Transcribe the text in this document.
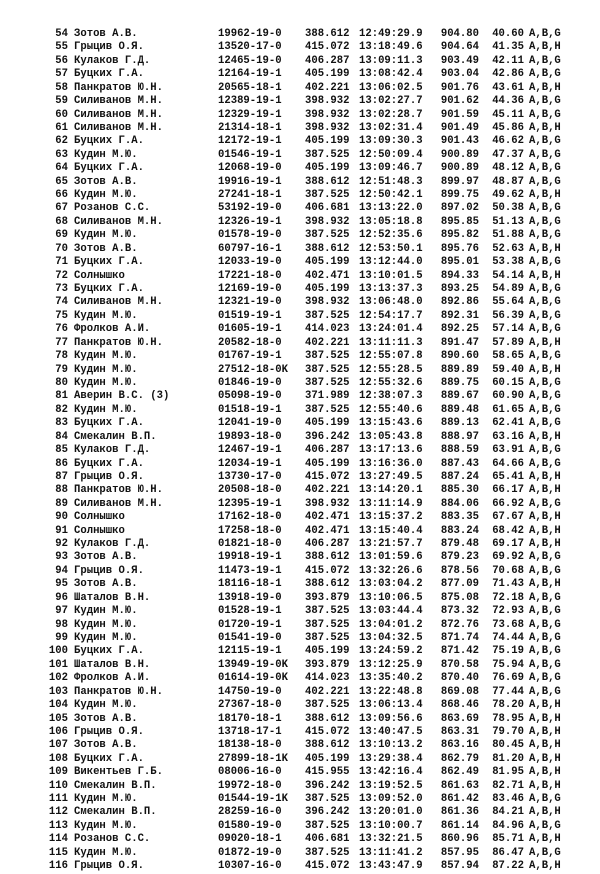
54 Зотов А.В.	19962-19-0 388.612 12:49:29.9	904.80	40.60 A,B,G
55 Грыцив О.Я.	13520-17-0 415.072 13:18:49.6	904.64	41.35 A,B,H
56 Кулаков Г.Д.	12465-19-0 406.287 13:09:11.3	903.49	42.11 A,B,G
57 Буцких Г.А.	12164-19-1 405.199 13:08:42.4	903.04	42.86 A,B,G
58 Панкратов Ю.Н.	20565-18-1 402.221 13:06:02.5	901.76	43.61 A,B,H
59 Силиванов М.Н.	12389-19-1 398.932 13:02:27.7	901.62	44.36 A,B,G
60 Силиванов М.Н.	12329-19-1 398.932 13:02:28.7	901.59	45.11 A,B,G
61 Силиванов М.Н.	21314-18-1 398.932 13:02:31.4	901.49	45.86 A,B,H
62 Буцких Г.А.	12172-19-1 405.199 13:09:30.3	901.43	46.62 A,B,G
63 Кудин М.Ю.	01546-19-1 387.525 12:50:09.4	900.89	47.37 A,B,G
64 Буцких Г.А.	12068-19-0 405.199 13:09:46.7	900.89	48.12 A,B,G
65 Зотов А.В.	19916-19-1 388.612 12:51:48.3	899.97	48.87 A,B,G
66 Кудин М.Ю.	27241-18-1 387.525 12:50:42.1	899.75	49.62 A,B,H
67 Розанов С.С.	53192-19-0 406.681 13:13:22.0	897.02	50.38 A,B,G
68 Силиванов М.Н.	12326-19-1 398.932 13:05:18.8	895.85	51.13 A,B,G
69 Кудин М.Ю.	01578-19-0 387.525 12:52:35.6	895.82	51.88 A,B,G
70 Зотов А.В.	60797-16-1 388.612 12:53:50.1	895.76	52.63 A,B,H
71 Буцких Г.А.	12033-19-0 405.199 13:12:44.0	895.01	53.38 A,B,G
72 Солнышко	17221-18-0 402.471 13:10:01.5	894.33	54.14 A,B,H
73 Буцких Г.А.	12169-19-0 405.199 13:13:37.3	893.25	54.89 A,B,G
74 Силиванов М.Н.	12321-19-0 398.932 13:06:48.0	892.86	55.64 A,B,G
75 Кудин М.Ю.	01519-19-1 387.525 12:54:17.7	892.31	56.39 A,B,G
76 Фролков А.И.	01605-19-1 414.023 13:24:01.4	892.25	57.14 A,B,G
77 Панкратов Ю.Н.	20582-18-0 402.221 13:11:11.3	891.47	57.89 A,B,H
78 Кудин М.Ю.	01767-19-1 387.525 12:55:07.8	890.60	58.65 A,B,G
79 Кудин М.Ю.	27512-18-0K 387.525 12:55:28.5	889.89	59.40 A,B,H
80 Кудин М.Ю.	01846-19-0 387.525 12:55:32.6	889.75	60.15 A,B,G
81 Аверин В.С. (3)	05098-19-0 371.989 12:38:07.3	889.67	60.90 A,B,G
82 Кудин М.Ю.	01518-19-1 387.525 12:55:40.6	889.48	61.65 A,B,G
83 Буцких Г.А.	12041-19-0 405.199 13:15:43.6	889.13	62.41 A,B,G
84 Смекалин В.П.	19893-18-0 396.242 13:05:43.8	888.97	63.16 A,B,H
85 Кулаков Г.Д.	12467-19-1 406.287 13:17:13.6	888.59	63.91 A,B,G
86 Буцких Г.А.	12034-19-1 405.199 13:16:36.0	887.43	64.66 A,B,G
87 Грыцив О.Я.	13730-17-0 415.072 13:27:49.5	887.24	65.41 A,B,H
88 Панкратов Ю.Н.	20508-18-0 402.221 13:14:20.1	885.30	66.17 A,B,H
89 Силиванов М.Н.	12395-19-1 398.932 13:11:14.9	884.06	66.92 A,B,G
90 Солнышко	17162-18-0 402.471 13:15:37.2	883.35	67.67 A,B,H
91 Солнышко	17258-18-0 402.471 13:15:40.4	883.24	68.42 A,B,H
92 Кулаков Г.Д.	01821-18-0 406.287 13:21:57.7	879.48	69.17 A,B,H
93 Зотов А.В.	19918-19-1 388.612 13:01:59.6	879.23	69.92 A,B,G
94 Грыцив О.Я.	11473-19-1 415.072 13:32:26.6	878.56	70.68 A,B,G
95 Зотов А.В.	18116-18-1 388.612 13:03:04.2	877.09	71.43 A,B,H
96 Шаталов В.Н.	13918-19-0 393.879 13:10:06.5	875.08	72.18 A,B,G
97 Кудин М.Ю.	01528-19-1 387.525 13:03:44.4	873.32	72.93 A,B,G
98 Кудин М.Ю.	01720-19-1 387.525 13:04:01.2	872.76	73.68 A,B,G
99 Кудин М.Ю.	01541-19-0 387.525 13:04:32.5	871.74	74.44 A,B,G
100 Буцких Г.А.	12115-19-1 405.199 13:24:59.2	871.42	75.19 A,B,G
101 Шаталов В.Н.	13949-19-0K 393.879 13:12:25.9	870.58	75.94 A,B,G
102 Фролков А.И.	01614-19-0K 414.023 13:35:40.2	870.40	76.69 A,B,G
103 Панкратов Ю.Н.	14750-19-0 402.221 13:22:48.8	869.08	77.44 A,B,G
104 Кудин М.Ю.	27367-18-0 387.525 13:06:13.4	868.46	78.20 A,B,H
105 Зотов А.В.	18170-18-1 388.612 13:09:56.6	863.69	78.95 A,B,H
106 Грыцив О.Я.	13718-17-1 415.072 13:40:47.5	863.31	79.70 A,B,H
107 Зотов А.В.	18138-18-0 388.612 13:10:13.2	863.16	80.45 A,B,H
108 Буцких Г.А.	27899-18-1K 405.199 13:29:38.4	862.79	81.20 A,B,H
109 Викентьев Г.Б.	08006-16-0 415.955 13:42:16.4	862.49	81.95 A,B,H
110 Смекалин В.П.	19972-18-0 396.242 13:19:52.5	861.63	82.71 A,B,H
111 Кудин М.Ю.	01544-19-1K 387.525 13:09:52.0	861.42	83.46 A,B,G
112 Смекалин В.П.	28259-16-0 396.242 13:20:01.0	861.36	84.21 A,B,H
113 Кудин М.Ю.	01580-19-0 387.525 13:10:00.7	861.14	84.96 A,B,G
114 Розанов С.С.	09020-18-1 406.681 13:32:21.5	860.96	85.71 A,B,H
115 Кудин М.Ю.	01872-19-0 387.525 13:11:41.2	857.95	86.47 A,B,G
116 Грыцив О.Я.	10307-16-0 415.072 13:43:47.9	857.94	87.22 A,B,H
